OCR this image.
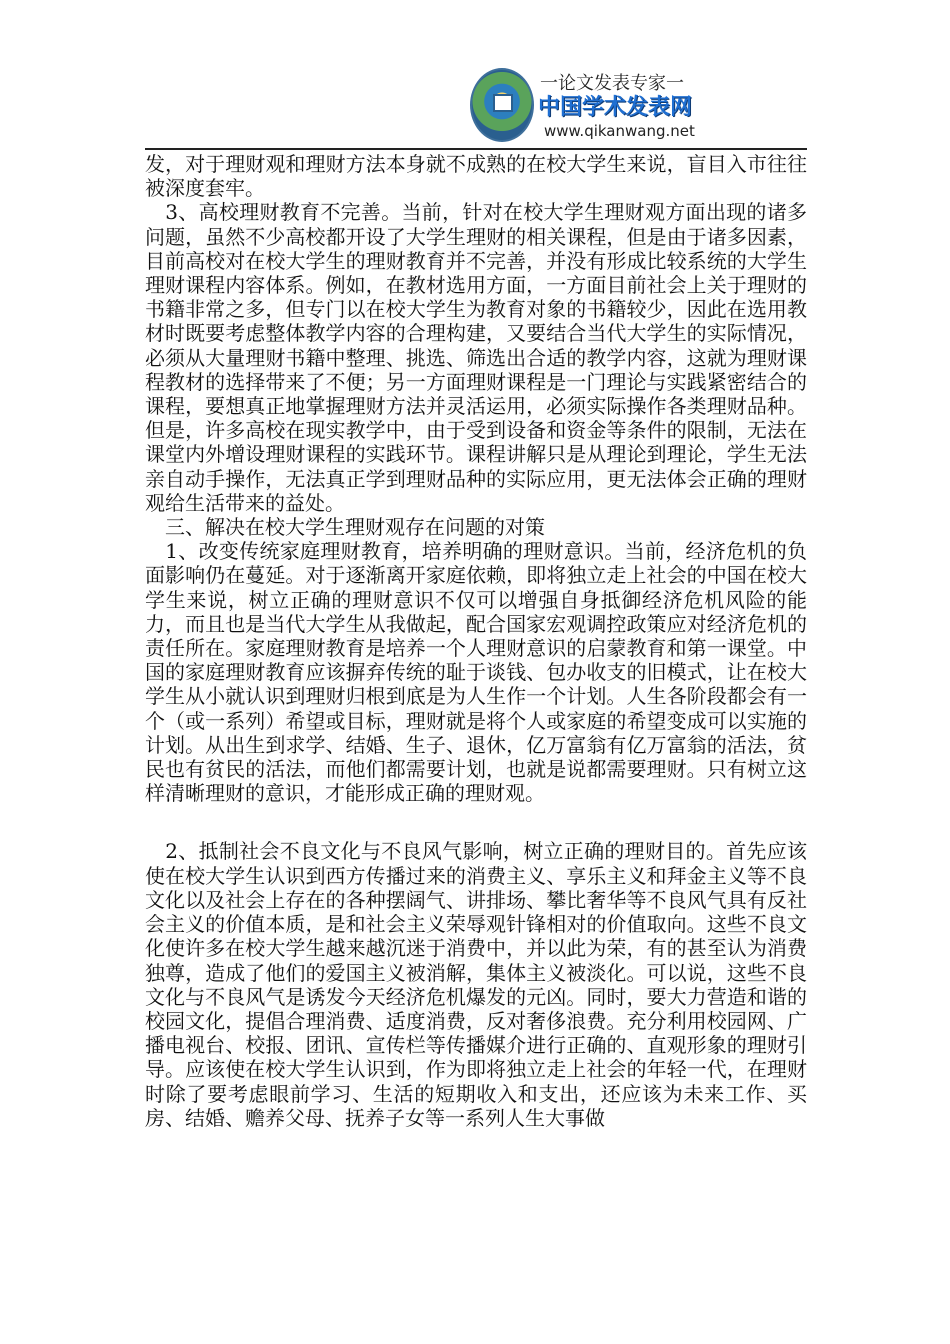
一论文发表专家一
中国学术发表网
www.qikanwang.net

发，对于理财观和理财方法本身就不成熟的在校大学生来说，盲目入市往往被深度套牢。

　3、高校理财教育不完善。当前，针对在校大学生理财观方面出现的诸多问题，虽然不少高校都开设了大学生理财的相关课程，但是由于诸多因素，目前高校对在校大学生的理财教育并不完善，并没有形成比较系统的大学生理财课程内容体系。例如，在教材选用方面，一方面目前社会上关于理财的书籍非常之多，但专门以在校大学生为教育对象的书籍较少，因此在选用教材时既要考虑整体教学内容的合理构建，又要结合当代大学生的实际情况，必须从大量理财书籍中整理、挑选、筛选出合适的教学内容，这就为理财课程教材的选择带来了不便；另一方面理财课程是一门理论与实践紧密结合的课程，要想真正地掌握理财方法并灵活运用，必须实际操作各类理财品种。但是，许多高校在现实教学中，由于受到设备和资金等条件的限制，无法在课堂内外增设理财课程的实践环节。课程讲解只是从理论到理论，学生无法亲自动手操作，无法真正学到理财品种的实际应用，更无法体会正确的理财观给生活带来的益处。

　三、解决在校大学生理财观存在问题的对策

　1、改变传统家庭理财教育，培养明确的理财意识。当前，经济危机的负面影响仍在蔓延。对于逐渐离开家庭依赖，即将独立走上社会的中国在校大学生来说，树立正确的理财意识不仅可以增强自身抵御经济危机风险的能力，而且也是当代大学生从我做起，配合国家宏观调控政策应对经济危机的责任所在。家庭理财教育是培养一个人理财意识的启蒙教育和第一课堂。中国的家庭理财教育应该摒弃传统的耻于谈钱、包办收支的旧模式，让在校大学生从小就认识到理财归根到底是为人生作一个计划。人生各阶段都会有一个（或一系列）希望或目标，理财就是将个人或家庭的希望变成可以实施的计划。从出生到求学、结婚、生子、退休，亿万富翁有亿万富翁的活法，贫民也有贫民的活法，而他们都需要计划，也就是说都需要理财。只有树立这样清晰理财的意识，才能形成正确的理财观。

　2、抵制社会不良文化与不良风气影响，树立正确的理财目的。首先应该使在校大学生认识到西方传播过来的消费主义、享乐主义和拜金主义等不良文化以及社会上存在的各种摆阔气、讲排场、攀比奢华等不良风气具有反社会主义的价值本质，是和社会主义荣辱观针锋相对的价值取向。这些不良文化使许多在校大学生越来越沉迷于消费中，并以此为荣，有的甚至认为消费独尊，造成了他们的爱国主义被消解，集体主义被淡化。可以说，这些不良文化与不良风气是诱发今天经济危机爆发的元凶。同时，要大力营造和谐的校园文化，提倡合理消费、适度消费，反对奢侈浪费。充分利用校园网、广播电视台、校报、团讯、宣传栏等传播媒介进行正确的、直观形象的理财引导。应该使在校大学生认识到，作为即将独立走上社会的年轻一代，在理财时除了要考虑眼前学习、生活的短期收入和支出，还应该为未来工作、买房、结婚、赡养父母、抚养子女等一系列人生大事做
